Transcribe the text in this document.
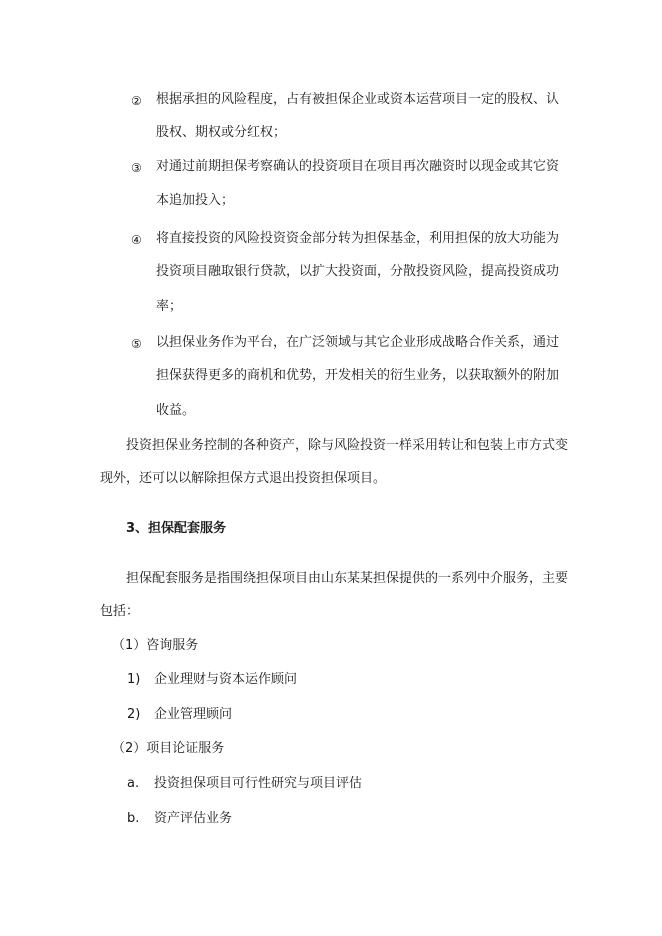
② 根据承担的风险程度，占有被担保企业或资本运营项目一定的股权、认
股权、期权或分红权；
③ 对通过前期担保考察确认的投资项目在项目再次融资时以现金或其它资
本追加投入；
④ 将直接投资的风险投资资金部分转为担保基金，利用担保的放大功能为
投资项目融取银行贷款，以扩大投资面，分散投资风险，提高投资成功
率；
⑤ 以担保业务作为平台，在广泛领域与其它企业形成战略合作关系，通过
担保获得更多的商机和优势，开发相关的衍生业务，以获取额外的附加
收益。
投资担保业务控制的各种资产，除与风险投资一样采用转让和包装上市方式变
现外，还可以以解除担保方式退出投资担保项目。
3、担保配套服务
担保配套服务是指围绕担保项目由山东某某担保提供的一系列中介服务，主要
包括：
（1）咨询服务
1) 企业理财与资本运作顾问
2) 企业管理顾问
（2）项目论证服务
a. 投资担保项目可行性研究与项目评估
b. 资产评估业务
